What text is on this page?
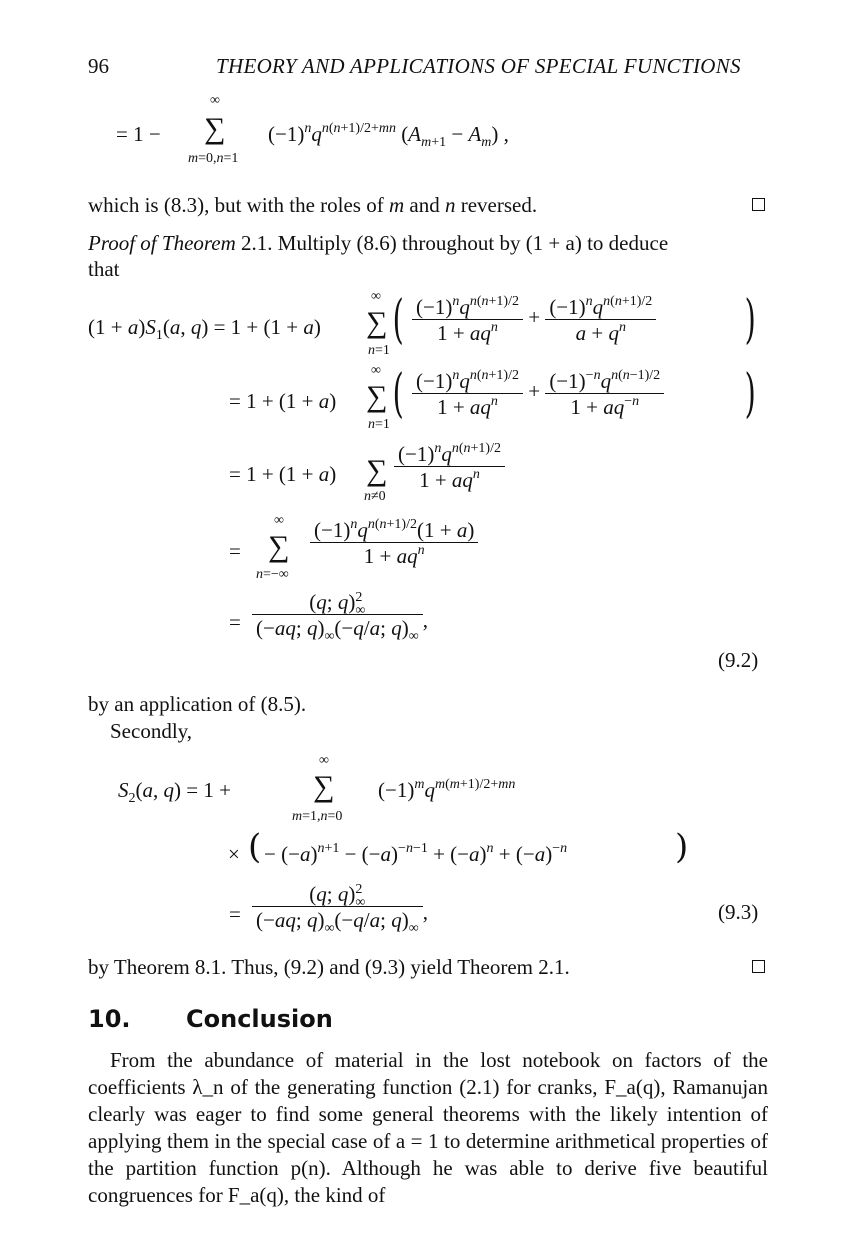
96	THEORY AND APPLICATIONS OF SPECIAL FUNCTIONS
= 1 −
∞
∑
m=0,n=1
$(-1)^nq^{n(n+1)/2+mn}$ $(A_{m+1} - A_m)$ ,
which is (8.3), but with the roles of m and n reversed.
Proof of Theorem 2.1. Multiply (8.6) throughout by (1 + a) to deduce
that
$(1 + a)S_1(a$, q) = 1 + (1 + a)
∞
∑
n=1
( $\frac{(-1)^nq^{n(n+1)/2}}{1 + aq^n} + \frac{(-1)^nq^{n(n+1)/2}}{a + q^n}$ )
= 1 + (1 + a)
∞
∑
n=1
( $\frac{(-1)^nq^{n(n+1)/2}}{1 + aq^n} + \frac{(-1)^{-n}q^{n(n-1)/2}}{1 + aq^{-n}}$ )
= 1 + (1 + a) ∑
n≠0
$\frac{(-1)^nq^{n(n+1)/2}}{1 + aq^n}$
=
∞
∑
n=−∞
$\frac{(-1)^nq^{n(n+1)/2}(1 + a)}{1 + aq^n}$
= $\frac{(q; q)^2_\infty}{(-aq; q)_\infty(-q/a; q)_\infty}$ ,
(9.2)
by an application of (8.5).
Secondly,
$S_2(a$, q) = 1 +
∞
∑
m=1,n=0
$(-1)^mq^{m(m+1)/2+mn}$
× ( − $(-a)^{n+1} - (-a)^{-n-1} + (-a)^n + (-a)^{-n}$	)
= $\frac{(q; q)^2_\infty}{(-aq; q)_\infty(-q/a; q)_\infty}$ ,	(9.3)
by Theorem 8.1. Thus, (9.2) and (9.3) yield Theorem 2.1.
10. Conclusion

From the abundance of material in the lost notebook on factors of the coefficients λ_n of the generating function (2.1) for cranks, F_a(q), Ramanujan clearly was eager to find some general theorems with the likely intention of applying them in the special case of a = 1 to determine arithmetical properties of the partition function p(n). Although he was able to derive five beautiful congruences for F_a(q), the kind of
